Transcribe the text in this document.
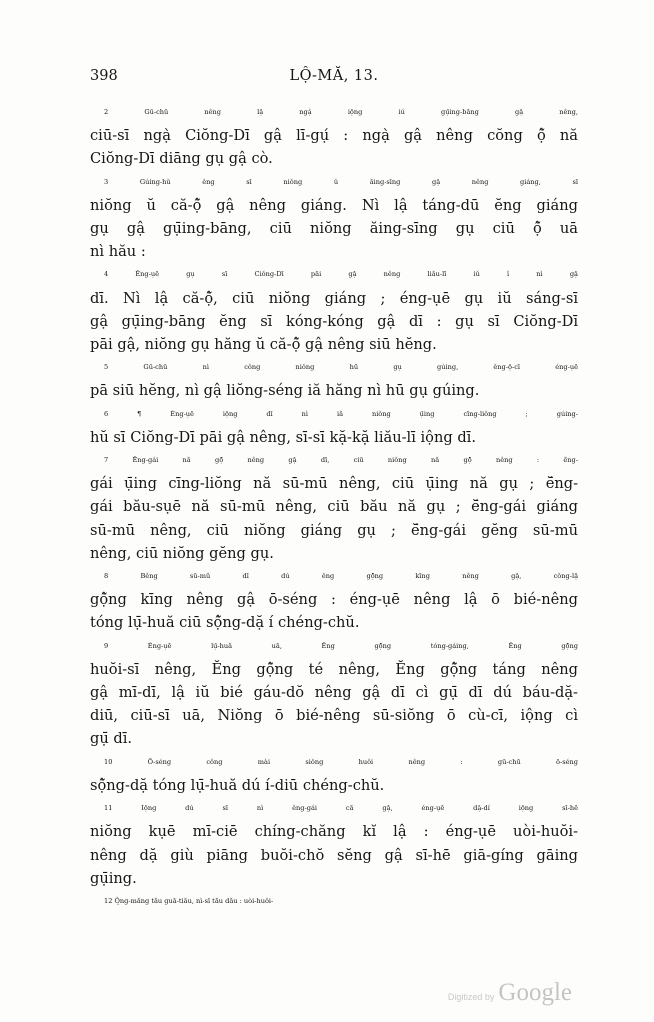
398	LỘ-MĂ, 13.
2 Gū-chū nêng lậ ngạ̀ iộng iú gụ̄ing-bāng gậ nêng,
ciū-sī ngạ̀ Ciŏng-Dī gậ lī-gụ́ : ngạ̀ gậ nêng cŏng ộ̆ nă
Ciŏng-Dī diāng gụ gậ cò.
3 Gúing-hŭ ĕng sī niŏng ŭ ăing-sīng gậ nêng giáng, sī
niŏng ŭ că-ộ̆ gậ nêng giáng. Nì lậ táng-dū ĕng giáng
gụ gậ gụ̄ing-bāng, ciū niŏng ăing-sīng gụ ciū ộ̆ uā
nì hău :
4 Ĕng-ụē gụ sī Ciŏng-Dī pāi gậ nêng liău-lī iŭ ĭ nì gậ
dī. Nì lậ că-ộ̆, ciū niŏng giáng ; éng-ụē gụ iŭ sáng-sī
gậ gụ̄ing-bāng ĕng sī kóng-kóng gậ dī : gụ sī Ciŏng-Dī
pāi gậ, niŏng gụ hăng ŭ că-ộ̆ gậ nêng siū hĕng.
5 Gū-chū nì cŏng niŏng hū gụ gúing, ĕng-ộ-cī éng-ụē
pā siū hĕng, nì gậ liŏng-séng iă hăng nì hū gụ gúing.
6 ¶ Éng-ụē iộng dī nì iă niŏng ụ̄ing cīng-liŏng ; gúing-
hŭ sī Ciŏng-Dī pāi gậ nêng, sī-sī kặ-kặ liău-lī iộng dī.
7 Ĕ̄ng-gái nă gộ̆ nêng gậ dī, ciū niŏng nă gộ̆ nêng : ĕ̄ng-
gái ụ̄ing cīng-liŏng nă sū-mū nêng, ciū ụ̄ing nă gụ ; ĕ̄ng-
gái bău-sụē nă sū-mū nêng, ciū bău nă gụ ; ĕ̄ng-gái giáng
sū-mū nêng, ciū niŏng giáng gụ ; ĕ̄ng-gái gĕng sū-mū
nêng, ciū niŏng gĕng gụ.
8 Bĕng sū-mū dī dú ĕng gộ̆ng kīng nêng gậ, cŏng-lậ
gộ̆ng kīng nêng gậ ō-séng : éng-ụē nêng lậ ō bié-nêng
tóng lụ̄-huă ciū sộ̆ng-dặ í chéng-chŭ.
9 Éng-ụē lụ̄-huă uā, Ĕng gộ̆ng tóng-gáing, Ĕng gộ̆ng
huŏi-sī nêng, Ĕng gộ̆ng té nêng, Ĕng gộ̆ng táng nêng
gậ mī-dī, lậ iŭ bié gáu-dŏ nêng gậ dī cì gụ̄ dī dú báu-dặ-
diū, ciū-sī uā, Niŏng ō bié-nêng sū-siŏng ō cù-cī, iộng cì
gụ̄ dī.
10 Ō-séng cŏng mài siŏng huŏi nêng : gū-chū ō-séng
sộ̆ng-dặ tóng lụ̄-huă dú í-diū chéng-chŭ.
11 Iộng dú sī nì ĕng-gái că gậ, éng-ụē dặ-dí iộng sī-hē
niŏng kụē mī-ciē chíng-chăng kĭ lậ : éng-ụē uòi-huŏi-
nêng dặ giù piāng buŏi-chŏ sĕng gậ sī-hē giā-gíng gāing
gụ̄ing.
12 Ŏ̤ng-măng tău guā-tiău, nì-sī tău dău : uòi-huŏi-
Digitized by Google
